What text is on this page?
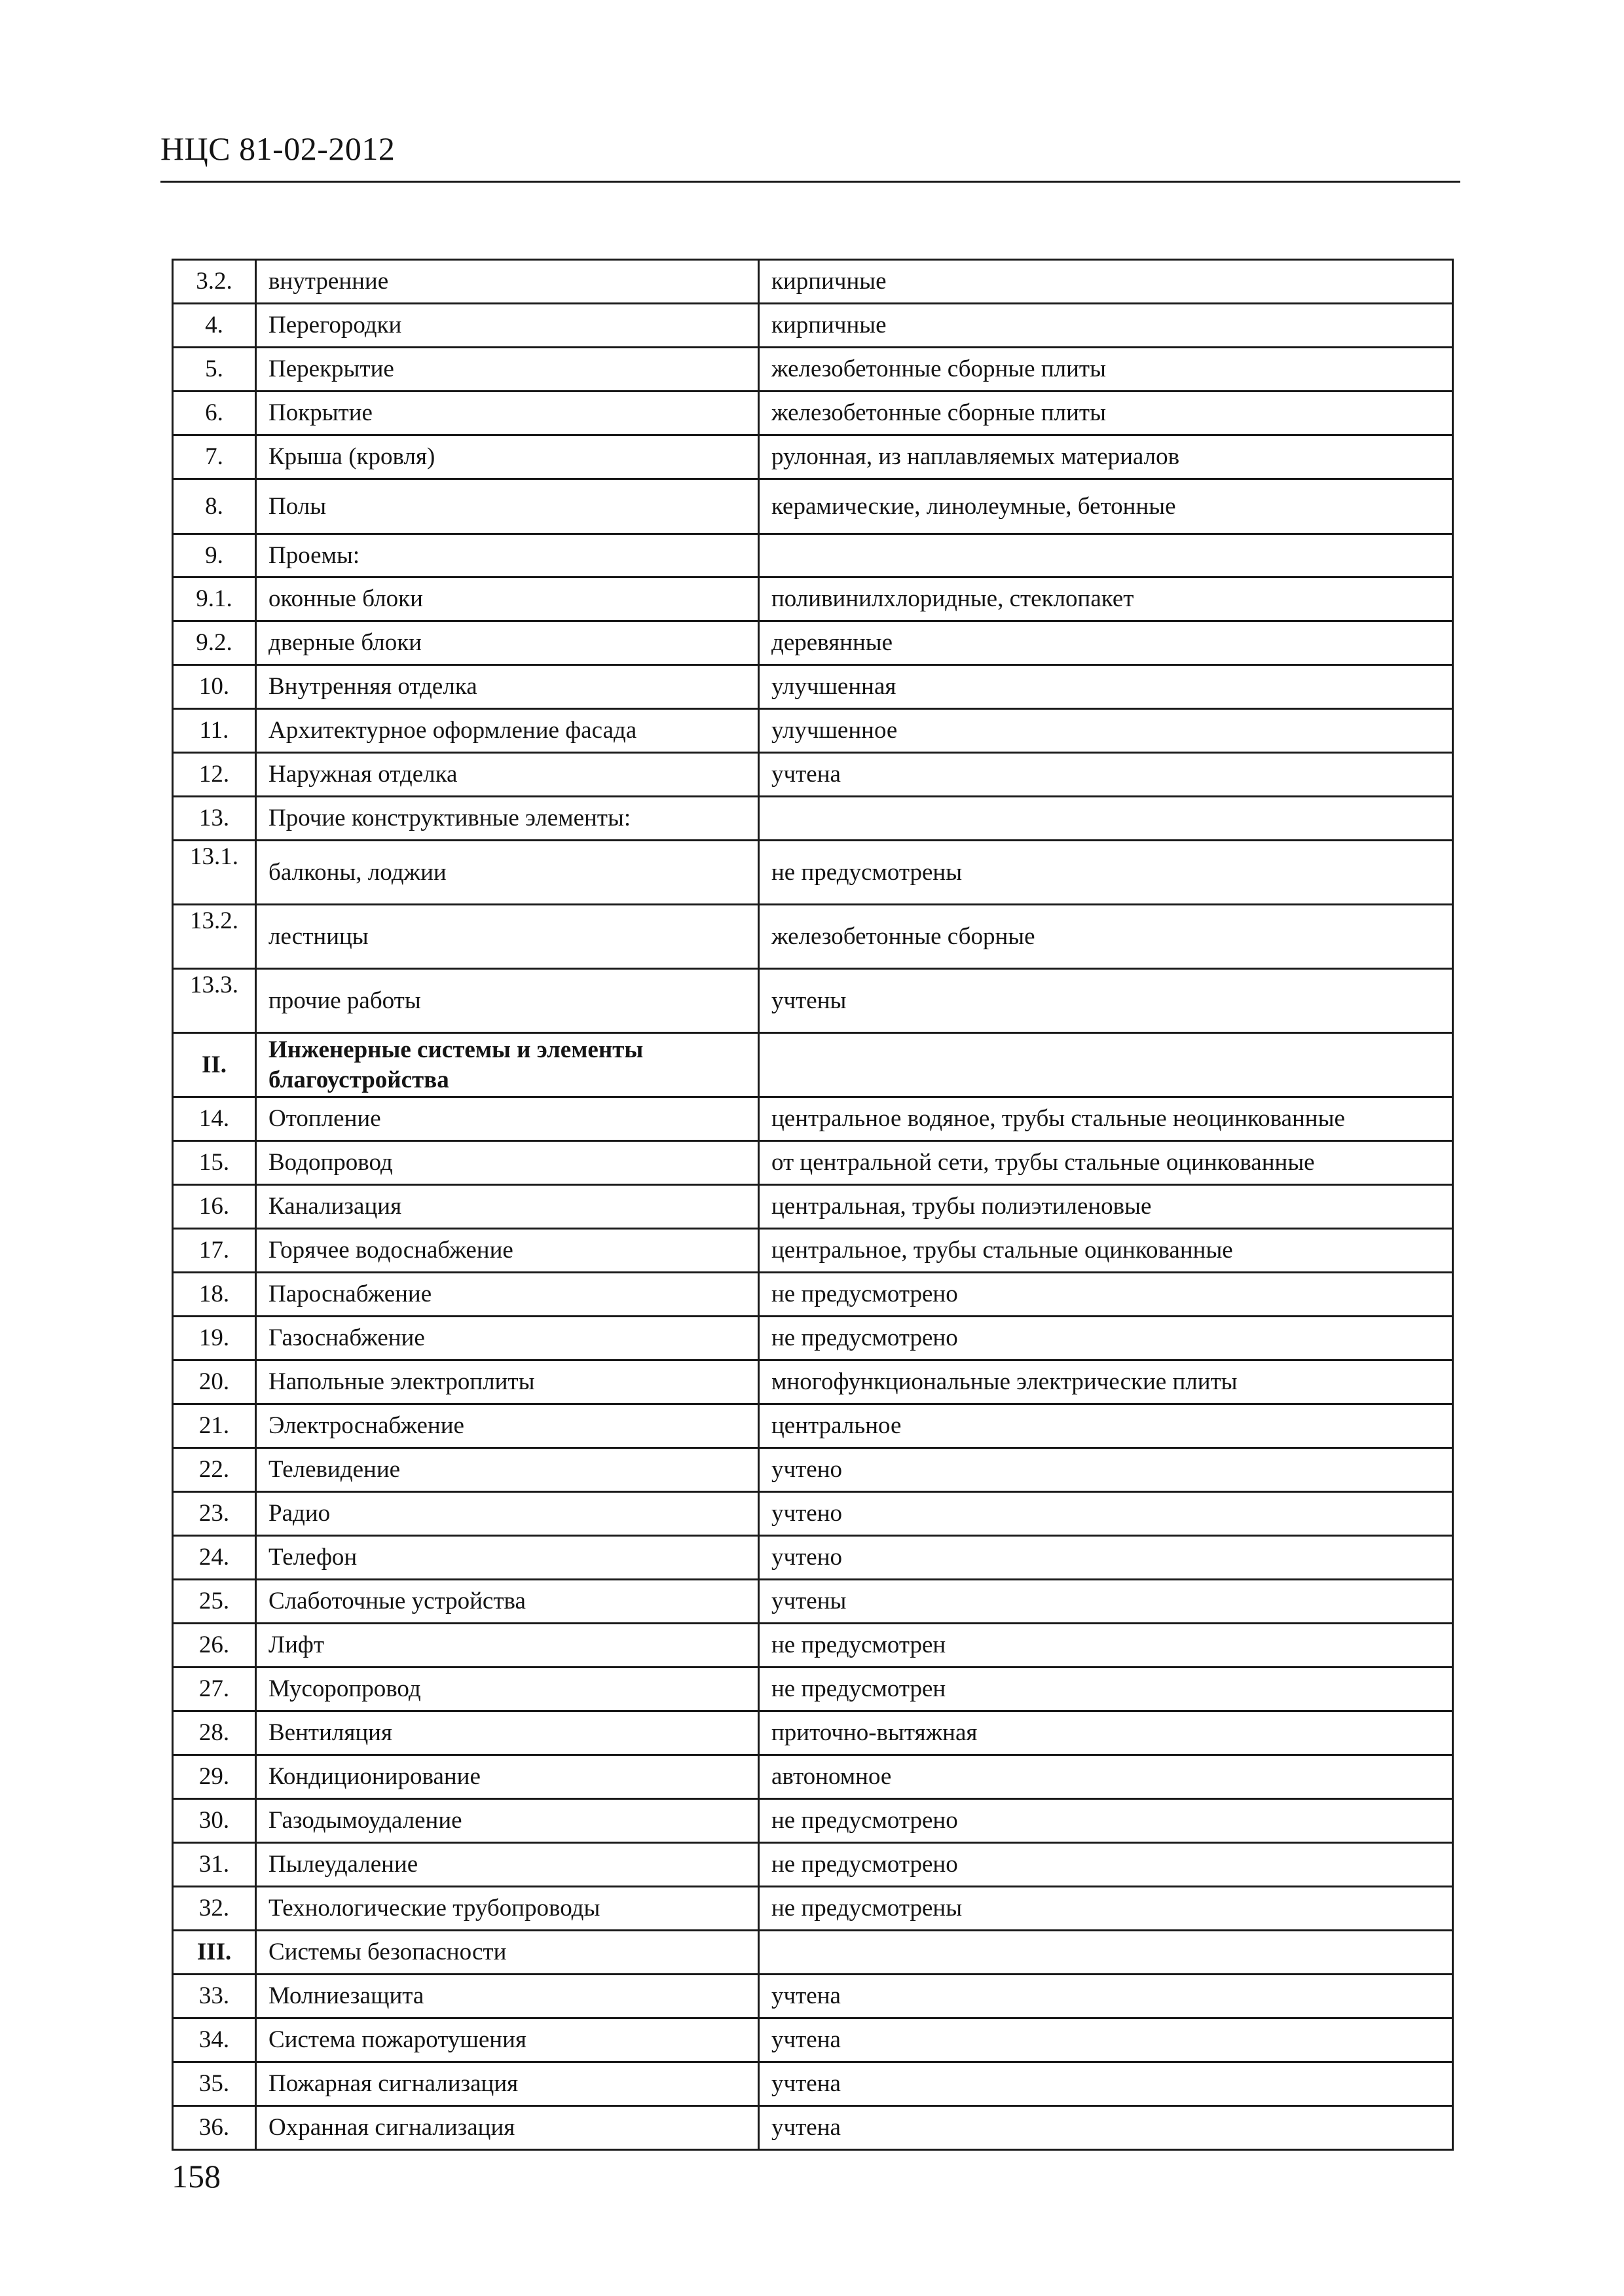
НЦС 81-02-2012
3.2.	внутренние	кирпичные
4.	Перегородки	кирпичные
5.	Перекрытие	железобетонные сборные плиты
6.	Покрытие	железобетонные сборные плиты
7.	Крыша (кровля)	рулонная, из наплавляемых материалов
8.	Полы	керамические, линолеумные, бетонные
9.	Проемы:	
9.1.	оконные блоки	поливинилхлоридные, стеклопакет
9.2.	дверные блоки	деревянные
10.	Внутренняя отделка	улучшенная
11.	Архитектурное оформление фасада	улучшенное
12.	Наружная отделка	учтена
13.	Прочие конструктивные элементы:	
13.1.	балконы, лоджии	не предусмотрены
13.2.	лестницы	железобетонные сборные
13.3.	прочие работы	учтены
II.	Инженерные системы и элементы благоустройства	
14.	Отопление	центральное водяное, трубы стальные неоцинкованные
15.	Водопровод	от центральной сети, трубы стальные оцинкованные
16.	Канализация	центральная, трубы полиэтиленовые
17.	Горячее водоснабжение	центральное, трубы стальные оцинкованные
18.	Пароснабжение	не предусмотрено
19.	Газоснабжение	не предусмотрено
20.	Напольные электроплиты	многофункциональные электрические плиты
21.	Электроснабжение	центральное
22.	Телевидение	учтено
23.	Радио	учтено
24.	Телефон	учтено
25.	Слаботочные устройства	учтены
26.	Лифт	не предусмотрен
27.	Мусоропровод	не предусмотрен
28.	Вентиляция	приточно-вытяжная
29.	Кондиционирование	автономное
30.	Газодымоудаление	не предусмотрено
31.	Пылеудаление	не предусмотрено
32.	Технологические трубопроводы	не предусмотрены
III.	Системы безопасности	
33.	Молниезащита	учтена
34.	Система пожаротушения	учтена
35.	Пожарная сигнализация	учтена
36.	Охранная сигнализация	учтена
158
